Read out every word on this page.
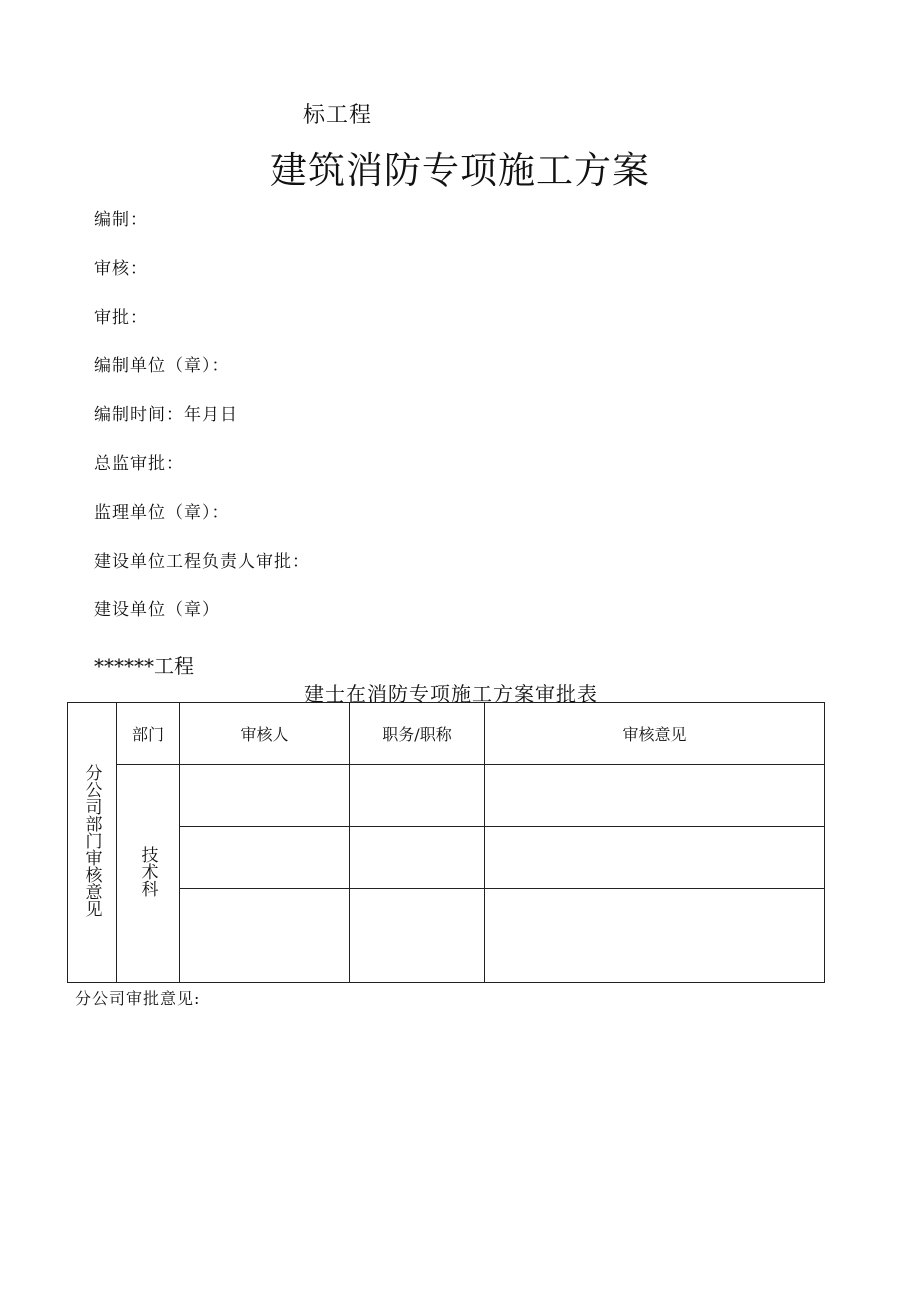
标工程
建筑消防专项施工方案
编制：
审核：
审批：
编制单位（章）：
编制时间：年月日
总监审批：
监理单位（章）：
建设单位工程负责人审批：
建设单位（章）
******工程
建士在消防专项施工方案审批表
分公司部门审核意见	部门	审核人	职务/职称	审核意见
	技术科			

分公司审批意见:
